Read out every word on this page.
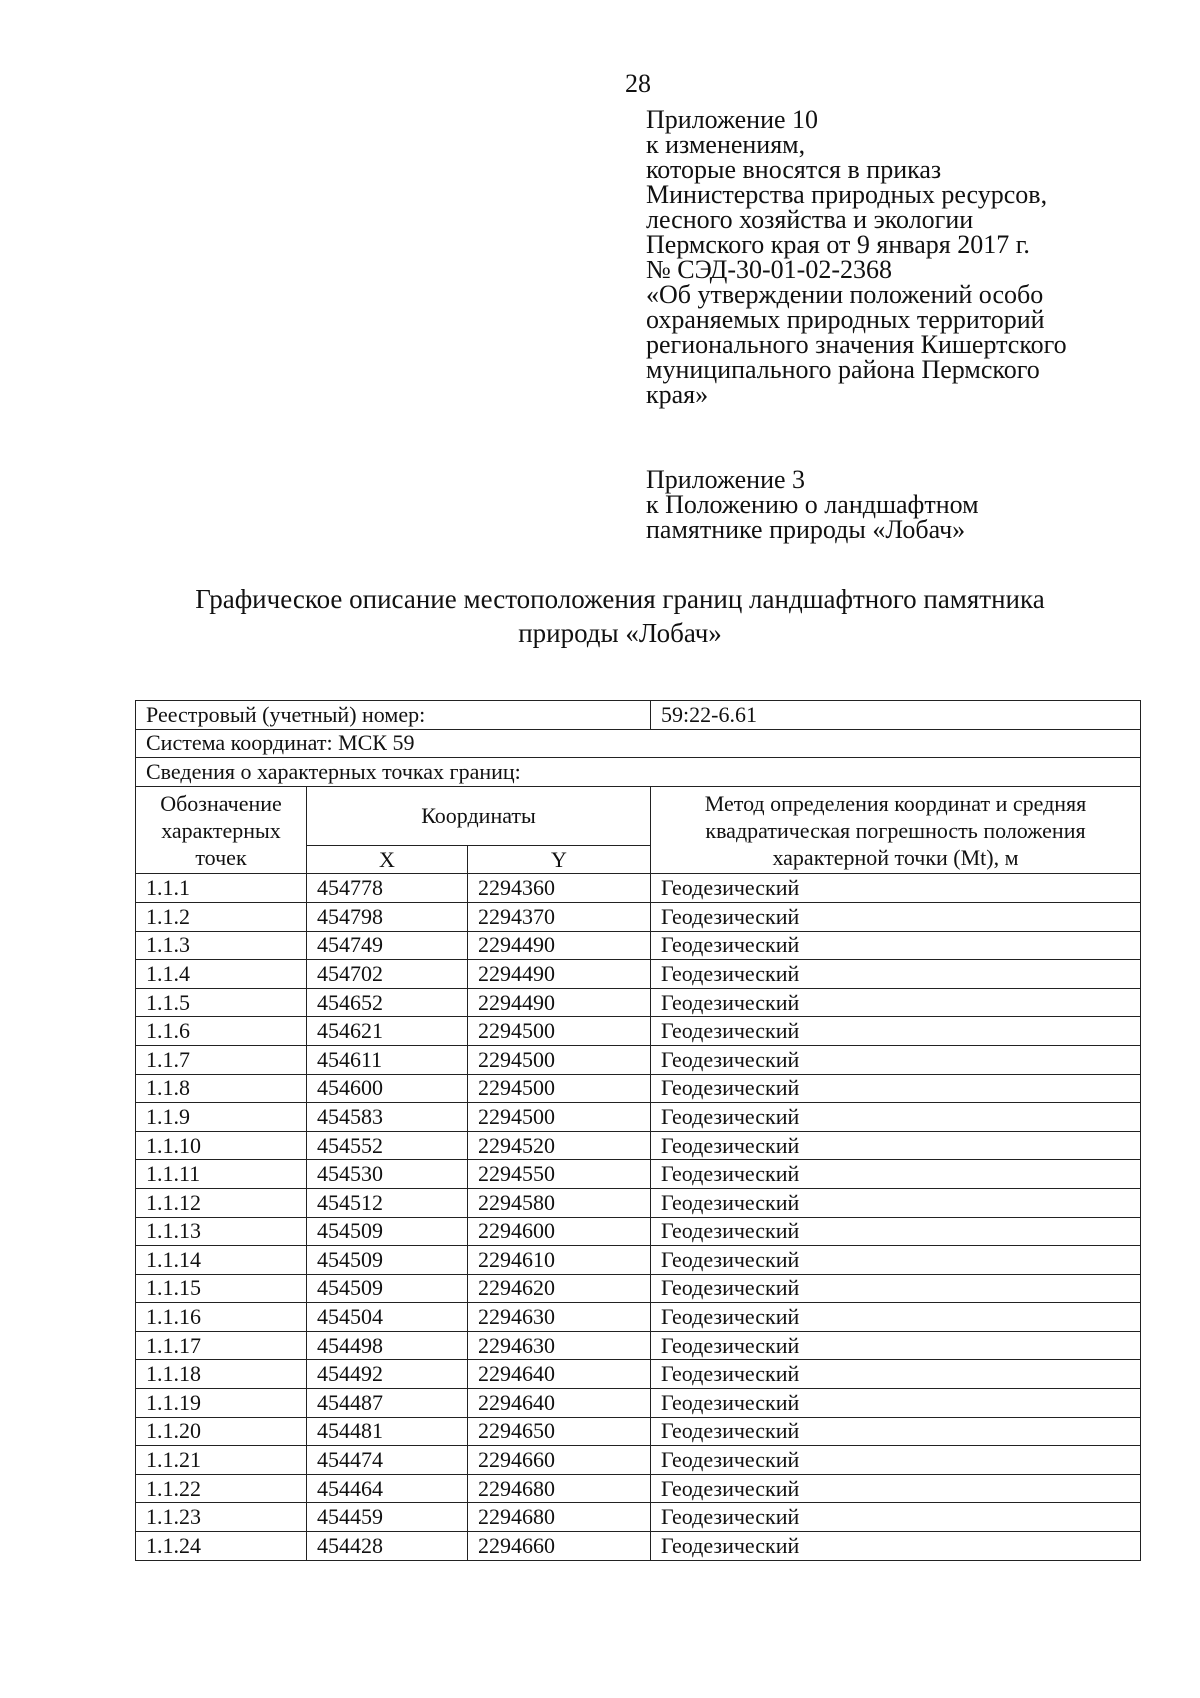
28
Приложение 10
к изменениям,
которые вносятся в приказ
Министерства природных ресурсов,
лесного хозяйства и экологии
Пермского края от 9 января 2017 г.
№ СЭД-30-01-02-2368
«Об утверждении положений особо
охраняемых природных территорий
регионального значения Кишертского
муниципального района Пермского
края»
Приложение 3
к Положению о ландшафтном
памятнике природы «Лобач»
Графическое описание местоположения границ ландшафтного памятника
природы «Лобач»
Реестровый (учетный) номер:			59:22-6.61
Система координат: МСК 59			
Сведения о характерных точках границ:			
Обозначение характерных точек	Координаты		Метод определения координат и средняя квадратическая погрешность положения характерной точки (Mt), м
	X	Y	
1.1.1	454778	2294360	Геодезический
1.1.2	454798	2294370	Геодезический
1.1.3	454749	2294490	Геодезический
1.1.4	454702	2294490	Геодезический
1.1.5	454652	2294490	Геодезический
1.1.6	454621	2294500	Геодезический
1.1.7	454611	2294500	Геодезический
1.1.8	454600	2294500	Геодезический
1.1.9	454583	2294500	Геодезический
1.1.10	454552	2294520	Геодезический
1.1.11	454530	2294550	Геодезический
1.1.12	454512	2294580	Геодезический
1.1.13	454509	2294600	Геодезический
1.1.14	454509	2294610	Геодезический
1.1.15	454509	2294620	Геодезический
1.1.16	454504	2294630	Геодезический
1.1.17	454498	2294630	Геодезический
1.1.18	454492	2294640	Геодезический
1.1.19	454487	2294640	Геодезический
1.1.20	454481	2294650	Геодезический
1.1.21	454474	2294660	Геодезический
1.1.22	454464	2294680	Геодезический
1.1.23	454459	2294680	Геодезический
1.1.24	454428	2294660	Геодезический
